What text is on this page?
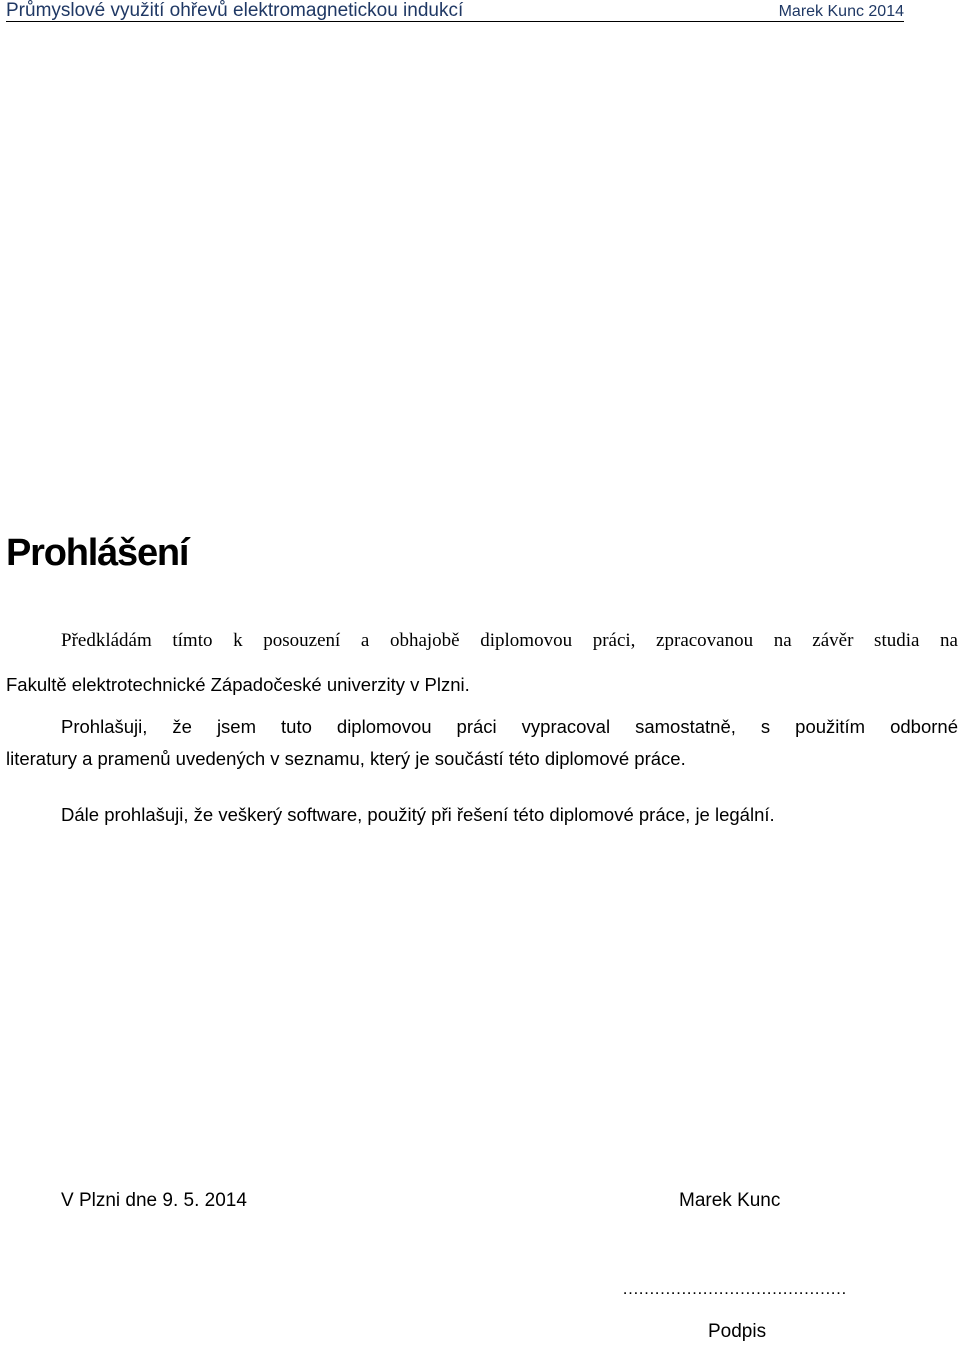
Průmyslové využití ohřevů elektromagnetickou indukcí	Marek Kunc 2014
Prohlášení
Předkládám tímto k posouzení a obhajobě diplomovou práci, zpracovanou na závěr studia na
Fakultě elektrotechnické Západočeské univerzity v Plzni.
Prohlašuji, že jsem tuto diplomovou práci vypracoval samostatně, s použitím odborné
literatury a pramenů uvedených v seznamu, který je součástí této diplomové práce.
Dále prohlašuji, že veškerý software, použitý při řešení této diplomové práce, je legální.
V Plzni dne 9. 5. 2014	Marek Kunc
……………………………………
Podpis
